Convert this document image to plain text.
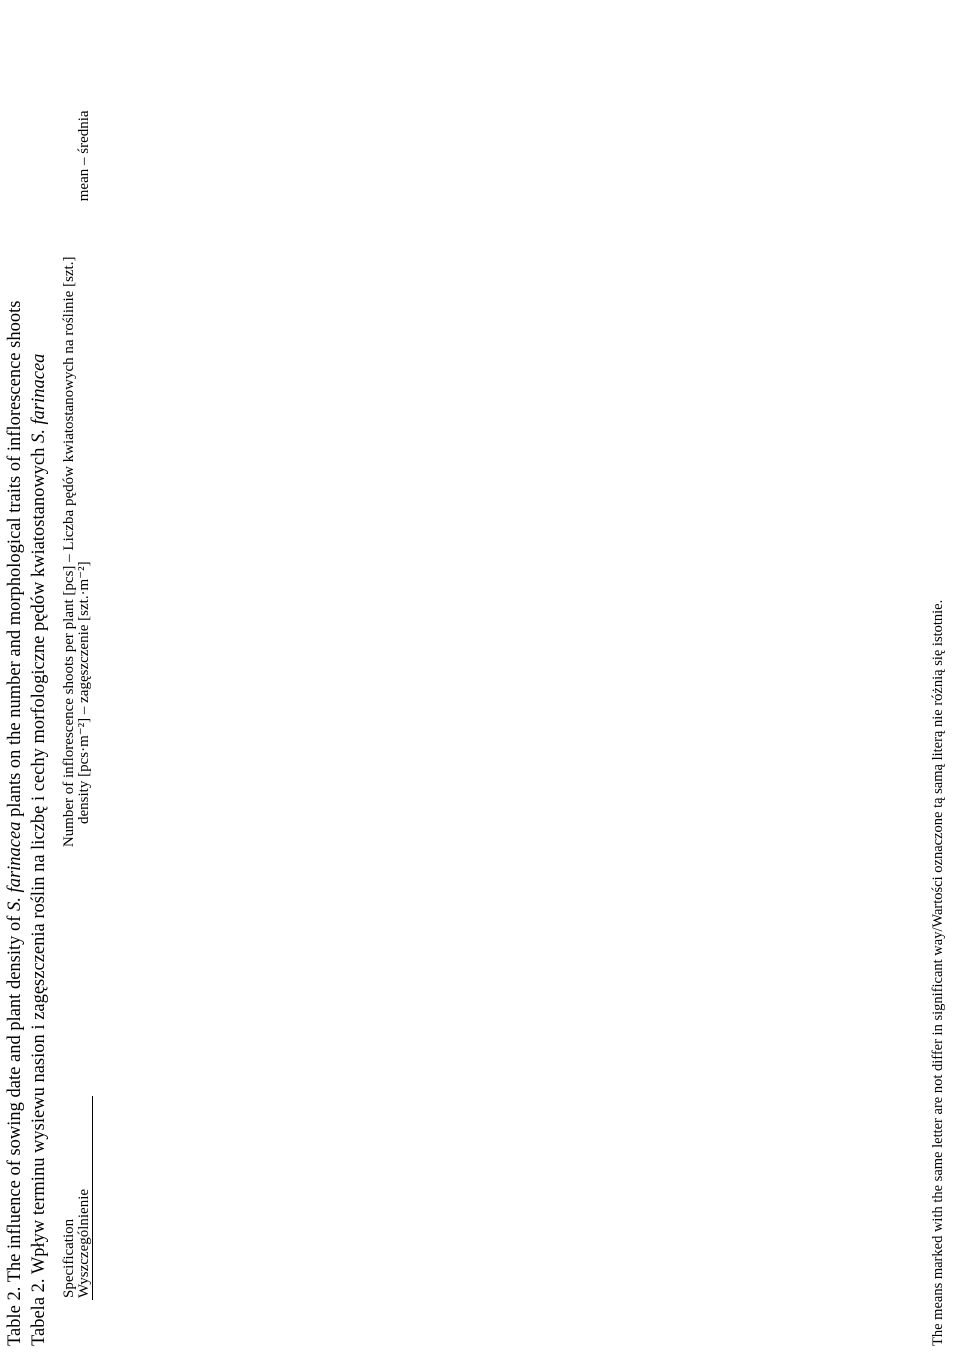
Table 2. The influence of sowing date and plant density of S. farinacea plants on the number and morphological traits of inflorescence shoots Tabela 2. Wpływ terminu wysiewu nasion i zagęszczenia roślin na liczbę i cechy morfologiczne pędów kwiatostanowych S. farinacea
Specification Wyszczególnienie		Number of inflorescence shoots per plant [pcs] – Liczba pędów kwiatostanowych na roślinie [szt.]	
		density [pcs·m⁻²] – zagęszczenie [szt.·m⁻²]	mean – średnia
The means marked with the same letter are not differ in significant way/Wartości oznaczone tą samą literą nie różnią się istotnie.
